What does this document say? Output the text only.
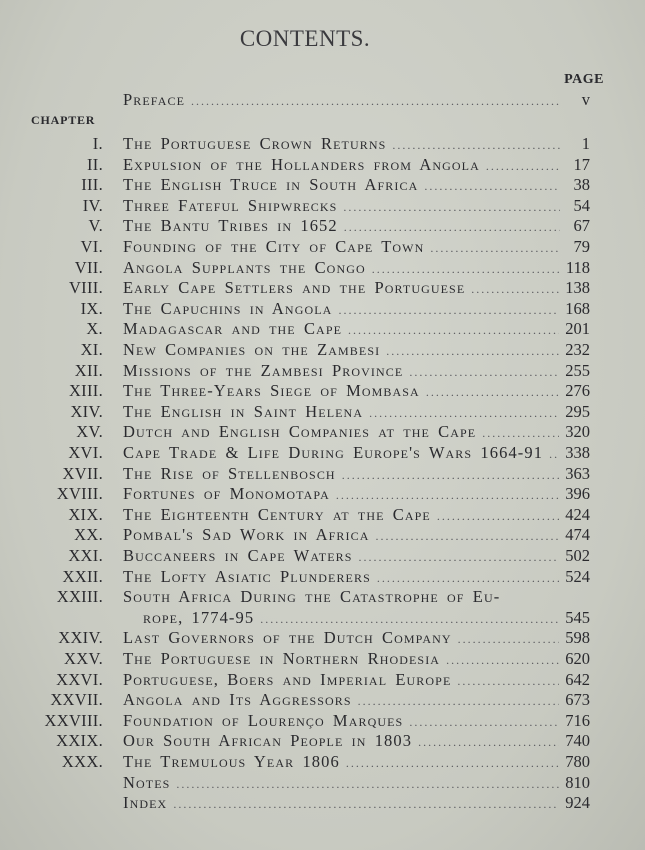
CONTENTS.
PAGE
Preface .....	v
CHAPTER
I. The Portuguese Crown Returns .....	1
II. Expulsion of the Hollanders from Angola .....	17
III. The English Truce in South Africa .....	38
IV. Three Fateful Shipwrecks .....	54
V. The Bantu Tribes in 1652 .....	67
VI. Founding of the City of Cape Town .....	79
VII. Angola Supplants the Congo .....	118
VIII. Early Cape Settlers and the Portuguese .....	138
IX. The Capuchins in Angola .....	168
X. Madagascar and the Cape .....	201
XI. New Companies on the Zambesi .....	232
XII. Missions of the Zambesi Province .....	255
XIII. The Three-Years Siege of Mombasa .....	276
XIV. The English in Saint Helena .....	295
XV. Dutch and English Companies at the Cape .....	320
XVI. Cape Trade & Life During Europe's Wars 1664-91 ..... 338
XVII. The Rise of Stellenbosch .....	363
XVIII. Fortunes of Monomotapa .....	396
XIX. The Eighteenth Century at the Cape .....	424
XX. Pombal's Sad Work in Africa .....	474
XXI. Buccaneers in Cape Waters .....	502
XXII. The Lofty Asiatic Plunderers .....	524
XXIII. South Africa During the Catastrophe of Eu-
rope, 1774-95 .....	545
XXIV. Last Governors of the Dutch Company .....	598
XXV. The Portuguese in Northern Rhodesia .....	620
XXVI. Portuguese, Boers and Imperial Europe .....	642
XXVII. Angola and Its Aggressors .....	673
XXVIII. Foundation of Lourenço Marques .....	716
XXIX. Our South African People in 1803 .....	740
XXX. The Tremulous Year 1806 .....	780
Notes .....	810
Index .....	924
